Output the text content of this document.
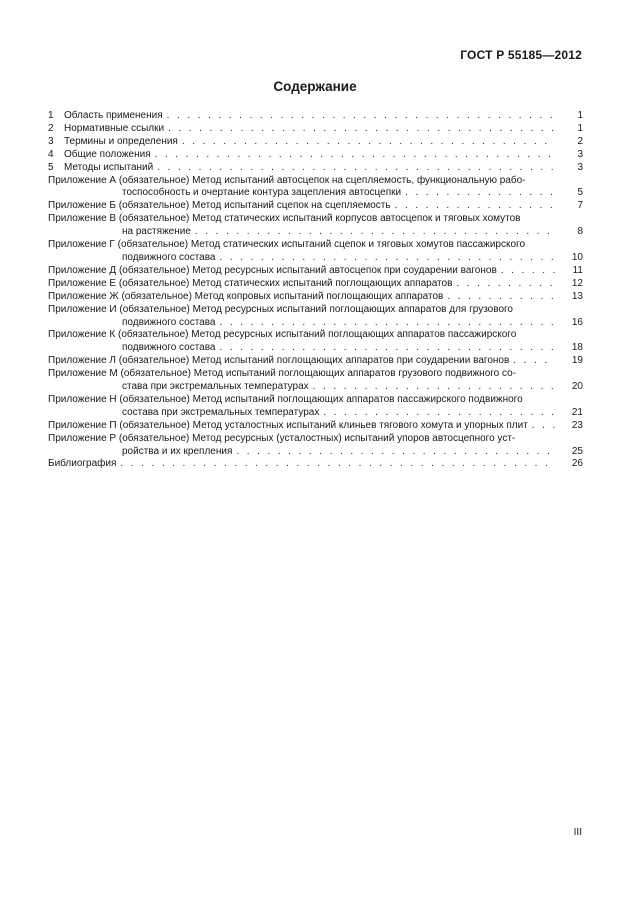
ГОСТ Р 55185—2012
Содержание
1	Область применения . . .	1
2	Нормативные ссылки . . .	1
3	Термины и определения . . .	2
4	Общие положения . . .	3
5	Методы испытаний . . .	3
Приложение А (обязательное) Метод испытаний автосцепок на сцепляемость, функциональную рабо-
тоспособность и очертание контура зацепления автосцепки . . .	5
Приложение Б (обязательное) Метод испытаний сцепок на сцепляемость . . .	7
Приложение В (обязательное) Метод статических испытаний корпусов автосцепок и тяговых хомутов
на растяжение . . .	8
Приложение Г (обязательное) Метод статических испытаний сцепок и тяговых хомутов пассажирского
подвижного состава . . .	10
Приложение Д (обязательное) Метод ресурсных испытаний автосцепок при соударении вагонов . . .	11
Приложение Е (обязательное) Метод статических испытаний поглощающих аппаратов . . .	12
Приложение Ж (обязательное) Метод копровых испытаний поглощающих аппаратов . . .	13
Приложение И (обязательное) Метод ресурсных испытаний поглощающих аппаратов для грузового
подвижного состава . . .	16
Приложение К (обязательное) Метод ресурсных испытаний поглощающих аппаратов пассажирского
подвижного состава . . .	18
Приложение Л (обязательное) Метод испытаний поглощающих аппаратов при соударении вагонов . . .	19
Приложение М (обязательное) Метод испытаний поглощающих аппаратов грузового подвижного со-
става при экстремальных температурах . . .	20
Приложение Н (обязательное) Метод испытаний поглощающих аппаратов пассажирского подвижного
состава при экстремальных температурах . . .	21
Приложение П (обязательное) Метод усталостных испытаний клиньев тягового хомута и упорных плит . . .	23
Приложение Р (обязательное) Метод ресурсных (усталостных) испытаний упоров автосцепного уст-
ройства и их крепления . . .	25
Библиография . . .	26
III
